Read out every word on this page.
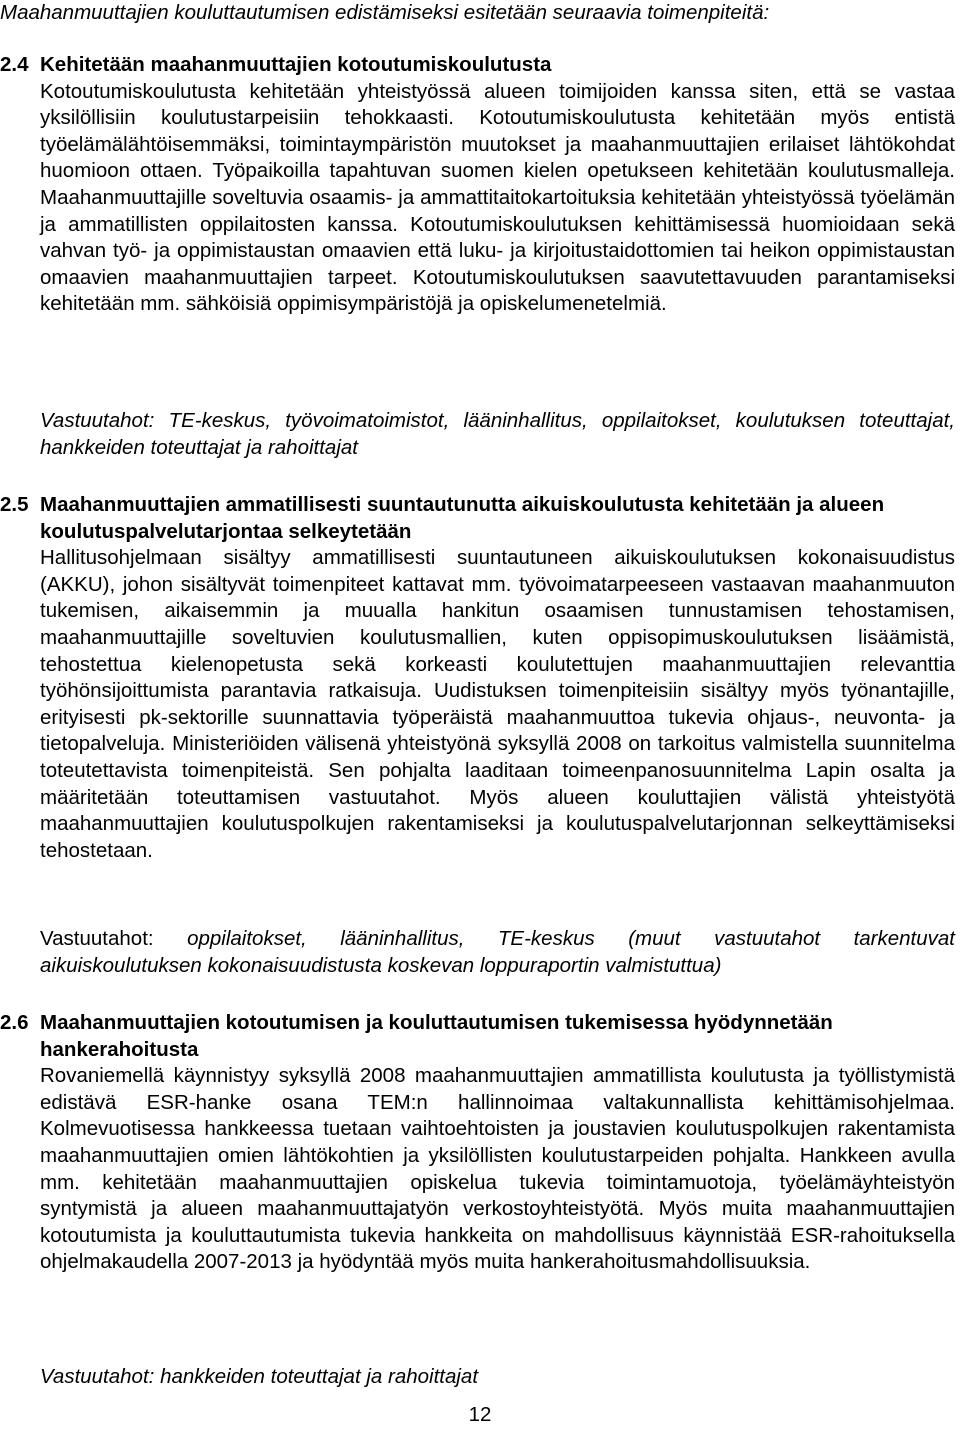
Maahanmuuttajien kouluttautumisen edistämiseksi esitetään seuraavia toimenpiteitä:
2.4 Kehitetään maahanmuuttajien kotoutumiskoulutusta
Kotoutumiskoulutusta kehitetään yhteistyössä alueen toimijoiden kanssa siten, että se vastaa yksilöllisiin koulutustarpeisiin tehokkaasti. Kotoutumiskoulutusta kehitetään myös entistä työelämälähtöisemmäksi, toimintaympäristön muutokset ja maahanmuuttajien erilaiset lähtökohdat huomioon ottaen. Työpaikoilla tapahtuvan suomen kielen opetukseen kehitetään koulutusmalleja. Maahanmuuttajille soveltuvia osaamis- ja ammattitaitokartoituksia kehitetään yhteistyössä työelämän ja ammatillisten oppilaitosten kanssa. Kotoutumiskoulutuksen kehittämisessä huomioidaan sekä vahvan työ- ja oppimistaustan omaavien että luku- ja kirjoitustaidottomien tai heikon oppimistaustan omaavien maahanmuuttajien tarpeet. Kotoutumiskoulutuksen saavutettavuuden parantamiseksi kehitetään mm. sähköisiä oppimisympäristöjä ja opiskelumenetelmiä.
Vastuutahot: TE-keskus, työvoimatoimistot, lääninhallitus, oppilaitokset, koulutuksen toteuttajat, hankkeiden toteuttajat ja rahoittajat
2.5 Maahanmuuttajien ammatillisesti suuntautunutta aikuiskoulutusta kehitetään ja alueen koulutuspalvelutarjontaa selkeytetään
Hallitusohjelmaan sisältyy ammatillisesti suuntautuneen aikuiskoulutuksen kokonaisuudistus (AKKU), johon sisältyvät toimenpiteet kattavat mm. työvoimatarpeeseen vastaavan maahanmuuton tukemisen, aikaisemmin ja muualla hankitun osaamisen tunnustamisen tehostamisen, maahanmuuttajille soveltuvien koulutusmallien, kuten oppisopimuskoulutuksen lisäämistä, tehostettua kielenopetusta sekä korkeasti koulutettujen maahanmuuttajien relevanttia työhönsijoittumista parantavia ratkaisuja. Uudistuksen toimenpiteisiin sisältyy myös työnantajille, erityisesti pk-sektorille suunnattavia työperäistä maahanmuuttoa tukevia ohjaus-, neuvonta- ja tietopalveluja. Ministeriöiden välisenä yhteistyönä syksyllä 2008 on tarkoitus valmistella suunnitelma toteutettavista toimenpiteistä. Sen pohjalta laaditaan toimeenpanosuunnitelma Lapin osalta ja määritetään toteuttamisen vastuutahot. Myös alueen kouluttajien välistä yhteistyötä maahanmuuttajien koulutuspolkujen rakentamiseksi ja koulutuspalvelutarjonnan selkeyttämiseksi tehostetaan.
Vastuutahot: oppilaitokset, lääninhallitus, TE-keskus (muut vastuutahot tarkentuvat aikuiskoulutuksen kokonaisuudistusta koskevan loppuraportin valmistuttua)
2.6 Maahanmuuttajien kotoutumisen ja kouluttautumisen tukemisessa hyödynnetään hankerahoitusta
Rovaniemellä käynnistyy syksyllä 2008 maahanmuuttajien ammatillista koulutusta ja työllistymistä edistävä ESR-hanke osana TEM:n hallinnoimaa valtakunnallista kehittämisohjelmaa. Kolmevuotisessa hankkeessa tuetaan vaihtoehtoisten ja joustavien koulutuspolkujen rakentamista maahanmuuttajien omien lähtökohtien ja yksilöllisten koulutustarpeiden pohjalta. Hankkeen avulla mm. kehitetään maahanmuuttajien opiskelua tukevia toimintamuotoja, työelämäyhteistyön syntymistä ja alueen maahanmuuttajatyön verkostoyhteistyötä. Myös muita maahanmuuttajien kotoutumista ja kouluttautumista tukevia hankkeita on mahdollisuus käynnistää ESR-rahoituksella ohjelmakaudella 2007-2013 ja hyödyntää myös muita hankerahoitusmahdollisuuksia.
Vastuutahot: hankkeiden toteuttajat ja rahoittajat
12
